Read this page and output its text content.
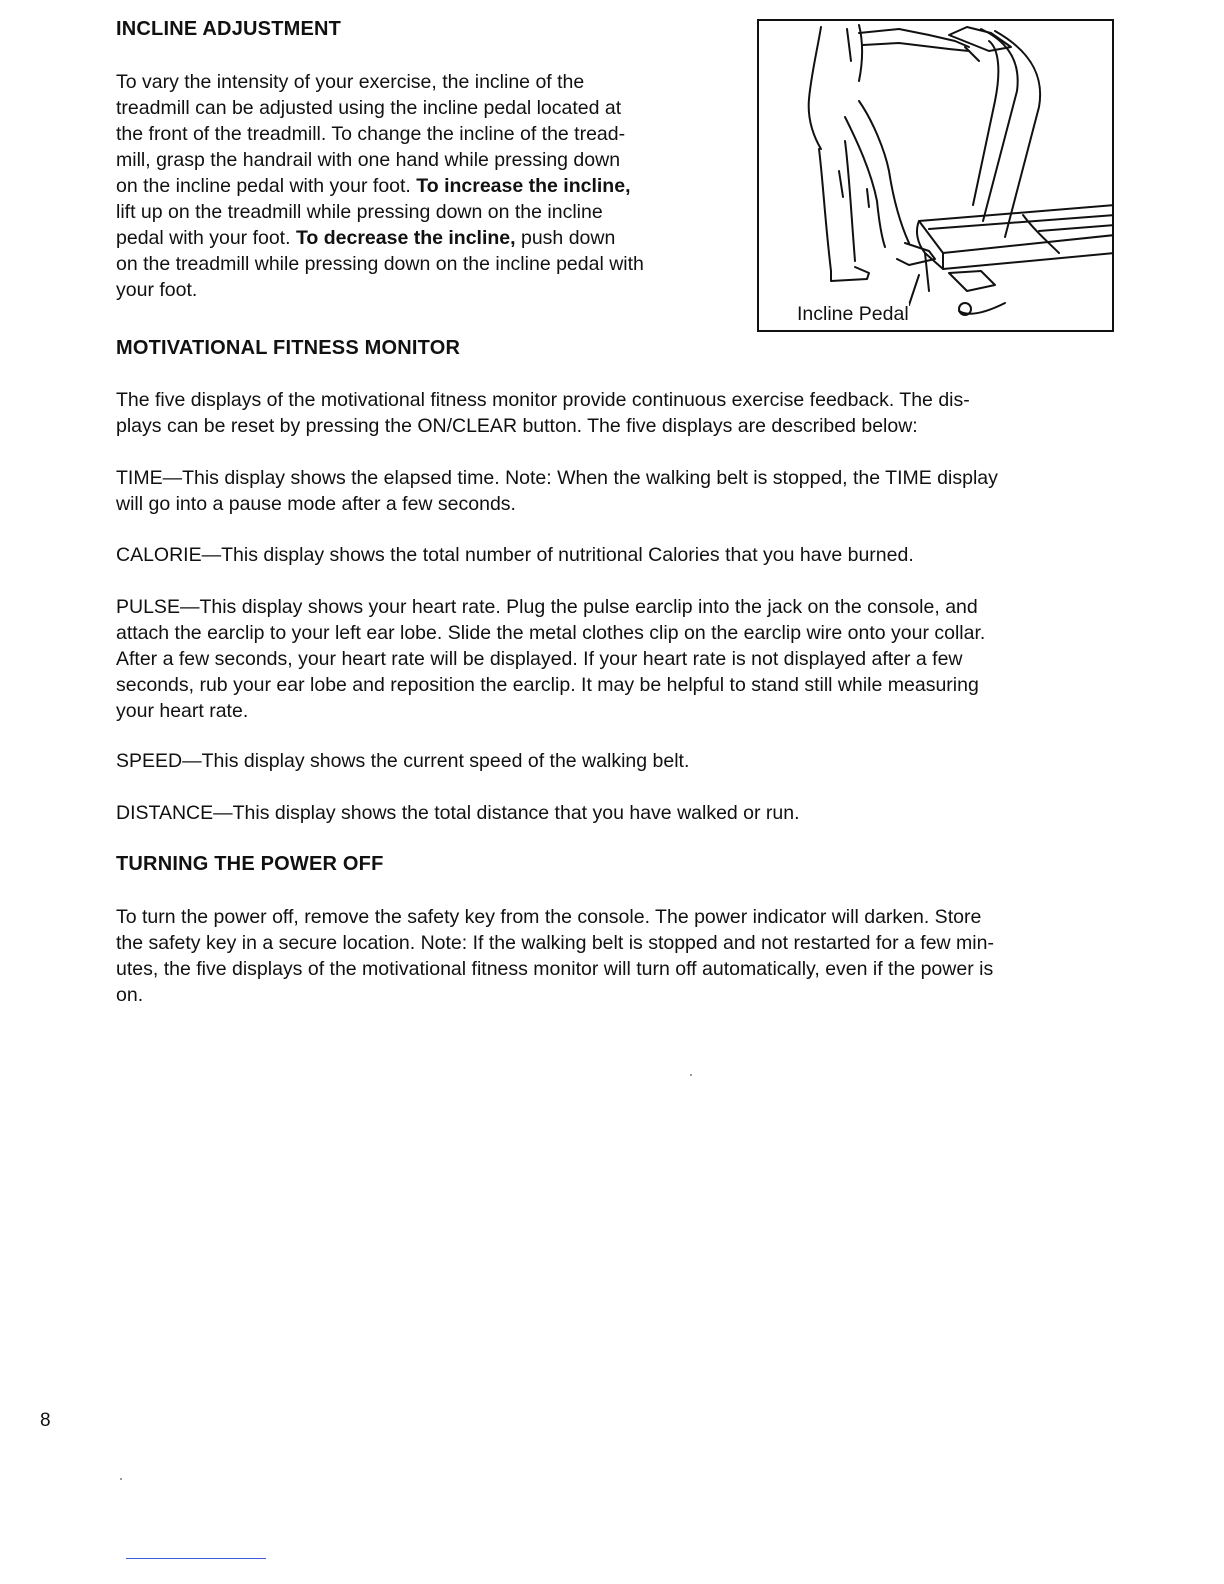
INCLINE ADJUSTMENT
To vary the intensity of your exercise, the incline of the
treadmill can be adjusted using the incline pedal located at
the front of the treadmill. To change the incline of the tread-
mill, grasp the handrail with one hand while pressing down
on the incline pedal with your foot. To increase the incline,
lift up on the treadmill while pressing down on the incline
pedal with your foot. To decrease the incline, push down
on the treadmill while pressing down on the incline pedal with
your foot.
Incline Pedal
MOTIVATIONAL FITNESS MONITOR
The five displays of the motivational fitness monitor provide continuous exercise feedback. The dis-
plays can be reset by pressing the ON/CLEAR button. The five displays are described below:
TIME—This display shows the elapsed time. Note: When the walking belt is stopped, the TIME display
will go into a pause mode after a few seconds.
CALORIE—This display shows the total number of nutritional Calories that you have burned.
PULSE—This display shows your heart rate. Plug the pulse earclip into the jack on the console, and
attach the earclip to your left ear lobe. Slide the metal clothes clip on the earclip wire onto your collar.
After a few seconds, your heart rate will be displayed. If your heart rate is not displayed after a few
seconds, rub your ear lobe and reposition the earclip. It may be helpful to stand still while measuring
your heart rate.
SPEED—This display shows the current speed of the walking belt.
DISTANCE—This display shows the total distance that you have walked or run.
TURNING THE POWER OFF
To turn the power off, remove the safety key from the console. The power indicator will darken. Store
the safety key in a secure location. Note: If the walking belt is stopped and not restarted for a few min-
utes, the five displays of the motivational fitness monitor will turn off automatically, even if the power is
on.
8
